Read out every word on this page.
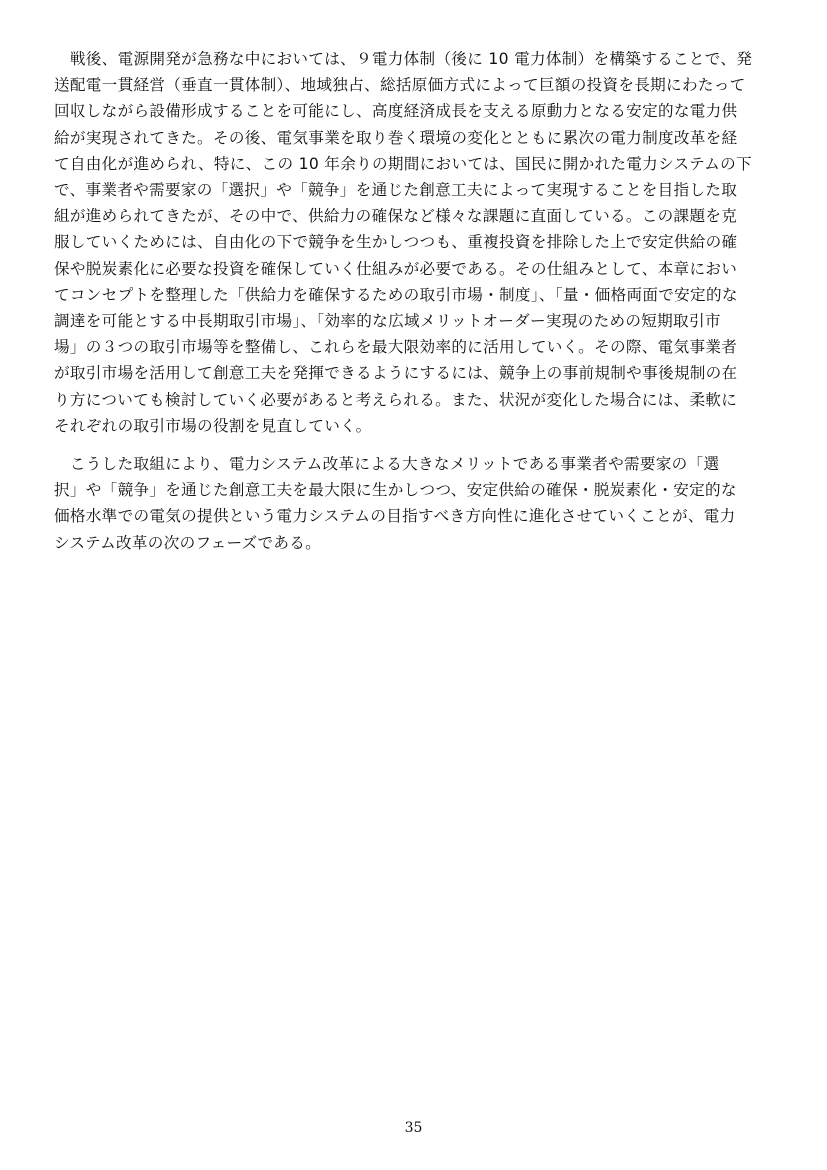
　戦後、電源開発が急務な中においては、９電力体制（後に 10 電力体制）を構築することで、発
送配電一貫経営（垂直一貫体制）、地域独占、総括原価方式によって巨額の投資を長期にわたって
回収しながら設備形成することを可能にし、高度経済成長を支える原動力となる安定的な電力供
給が実現されてきた。その後、電気事業を取り巻く環境の変化とともに累次の電力制度改革を経
て自由化が進められ、特に、この 10 年余りの期間においては、国民に開かれた電力システムの下
で、事業者や需要家の「選択」や「競争」を通じた創意工夫によって実現することを目指した取
組が進められてきたが、その中で、供給力の確保など様々な課題に直面している。この課題を克
服していくためには、自由化の下で競争を生かしつつも、重複投資を排除した上で安定供給の確
保や脱炭素化に必要な投資を確保していく仕組みが必要である。その仕組みとして、本章におい
てコンセプトを整理した「供給力を確保するための取引市場・制度」、「量・価格両面で安定的な
調達を可能とする中長期取引市場」、「効率的な広域メリットオーダー実現のための短期取引市
場」の３つの取引市場等を整備し、これらを最大限効率的に活用していく。その際、電気事業者
が取引市場を活用して創意工夫を発揮できるようにするには、競争上の事前規制や事後規制の在
り方についても検討していく必要があると考えられる。また、状況が変化した場合には、柔軟に
それぞれの取引市場の役割を見直していく。

　こうした取組により、電力システム改革による大きなメリットである事業者や需要家の「選
択」や「競争」を通じた創意工夫を最大限に生かしつつ、安定供給の確保・脱炭素化・安定的な
価格水準での電気の提供という電力システムの目指すべき方向性に進化させていくことが、電力
システム改革の次のフェーズである。

35
